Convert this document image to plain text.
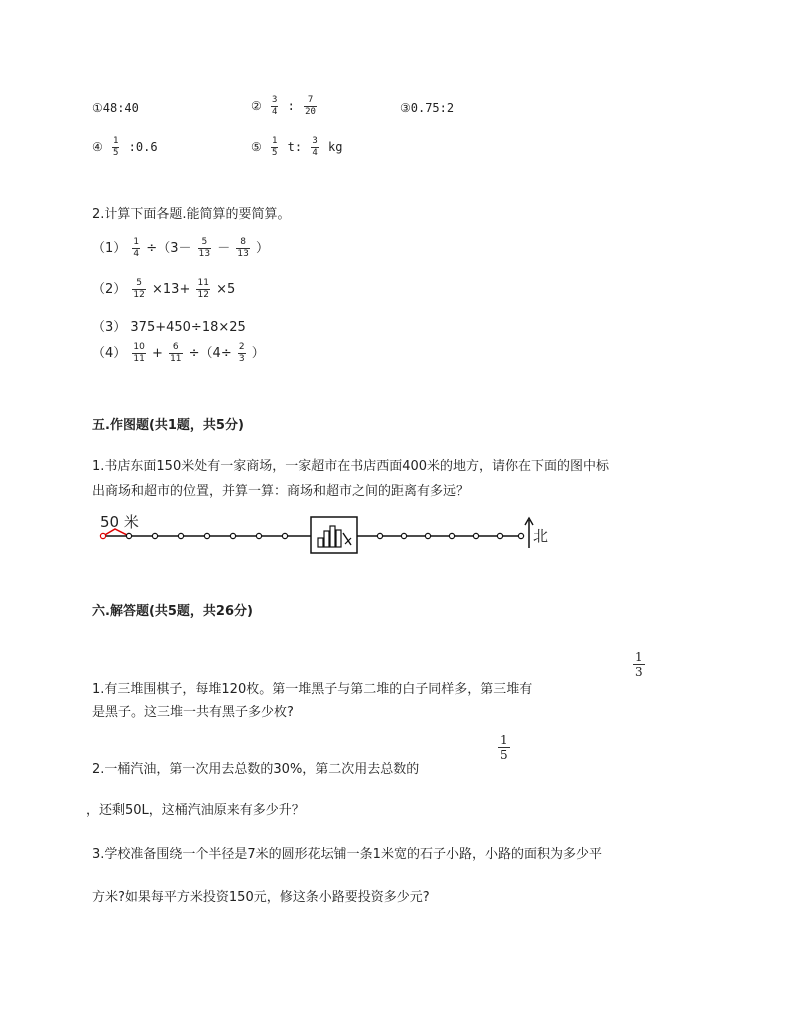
①48:40	② $\frac{3}{4}$ : $\frac{7}{20}$	③0.75:2
④ $\frac{1}{5}$ :0.6	⑤ $\frac{1}{5} t$: $\frac{3}{4}$ kg
2.计算下面各题.能简算的要简算。
$(1) \frac{1}{4} \div(3- \frac{5}{13} - \frac{8}{13}$ ）
$(2) \frac{5}{12} \times 13+ \frac{11}{12} \times 5$
（3） 375+450÷18×25
$(4) \frac{10}{11} + \frac{6}{11} \div(4\div \frac{2}{3}$ ）
五.作图题(共1题，共5分)
1.书店东面150米处有一家商场，一家超市在书店西面400米的地方，请你在下面的图中标
出商场和超市的位置，并算一算：商场和超市之间的距离有多远？
50 米
北
六.解答题(共5题，共26分)
$\frac{1}{3}$
1.有三堆围棋子，每堆120枚。第一堆黑子与第二堆的白子同样多，第三堆有
是黑子。这三堆一共有黑子多少枚?
$\frac{1}{5}$
2.一桶汽油，第一次用去总数的30%，第二次用去总数的
，还剩50L，这桶汽油原来有多少升？
3.学校准备围绕一个半径是7米的圆形花坛铺一条1米宽的石子小路，小路的面积为多少平
方米?如果每平方米投资150元，修这条小路要投资多少元?
